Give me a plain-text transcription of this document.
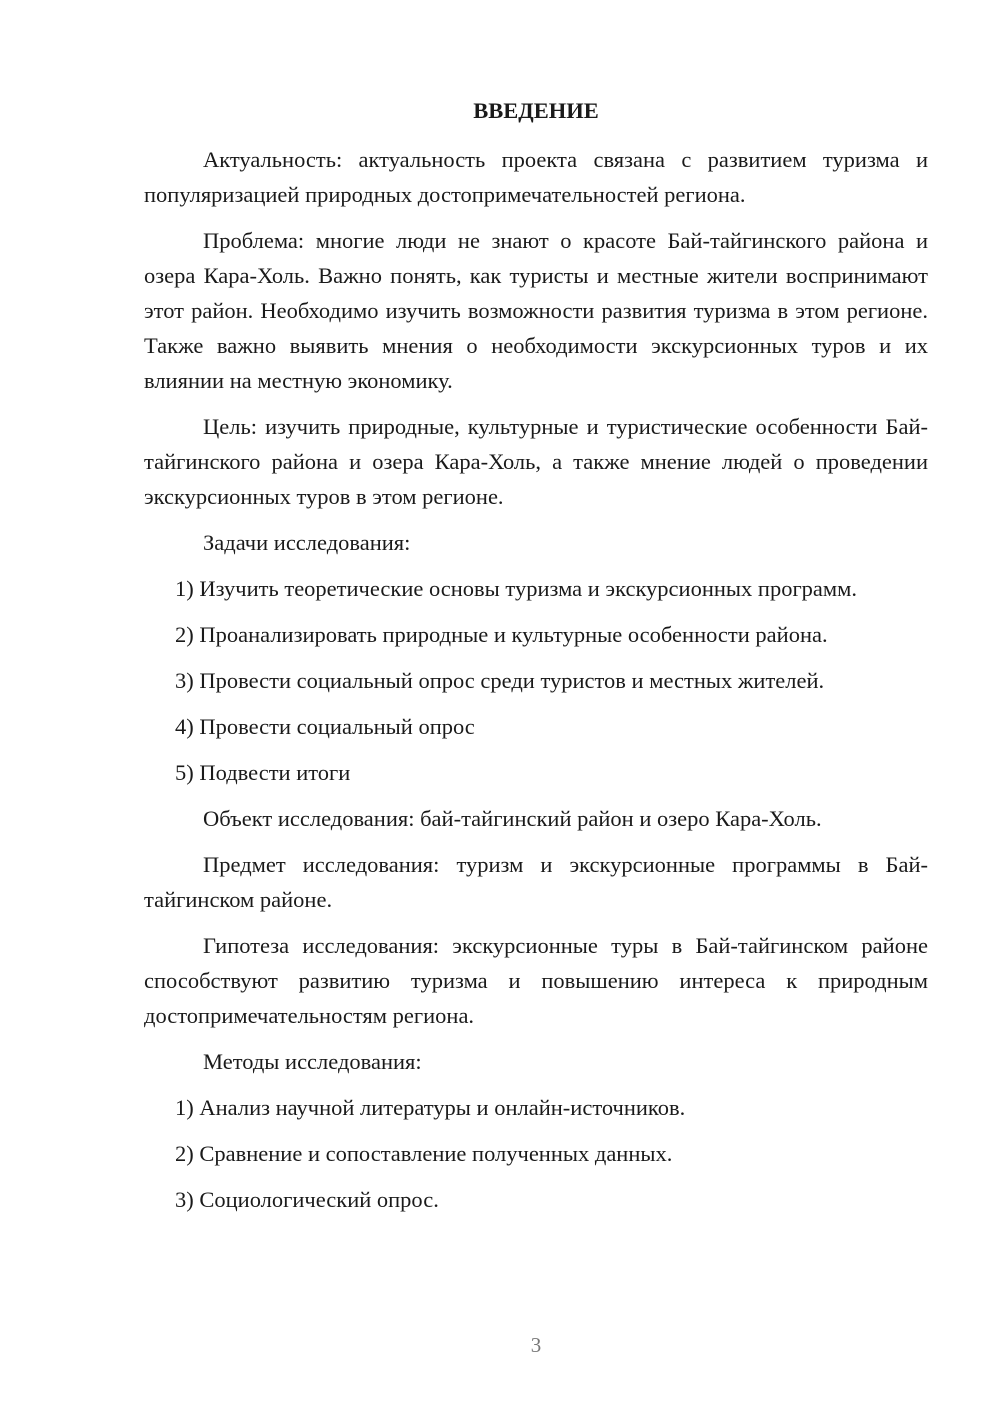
ВВЕДЕНИЕ

Актуальность: актуальность проекта связана с развитием туризма и популяризацией природных достопримечательностей региона.

Проблема: многие люди не знают о красоте Бай-тайгинского района и озера Кара-Холь. Важно понять, как туристы и местные жители воспринимают этот район. Необходимо изучить возможности развития туризма в этом регионе. Также важно выявить мнения о необходимости экскурсионных туров и их влиянии на местную экономику.

Цель: изучить природные, культурные и туристические особенности Бай-тайгинского района и озера Кара-Холь, а также мнение людей о проведении экскурсионных туров в этом регионе.

Задачи исследования:

1) Изучить теоретические основы туризма и экскурсионных программ.

2) Проанализировать природные и культурные особенности района.

3) Провести социальный опрос среди туристов и местных жителей.

4) Провести социальный опрос

5) Подвести итоги

Объект исследования: бай-тайгинский район и озеро Кара-Холь.

Предмет исследования: туризм и экскурсионные программы в Бай-тайгинском районе.

Гипотеза исследования: экскурсионные туры в Бай-тайгинском районе способствуют развитию туризма и повышению интереса к природным достопримечательностям региона.

Методы исследования:

1) Анализ научной литературы и онлайн-источников.

2) Сравнение и сопоставление полученных данных.

3) Социологический опрос.

3
